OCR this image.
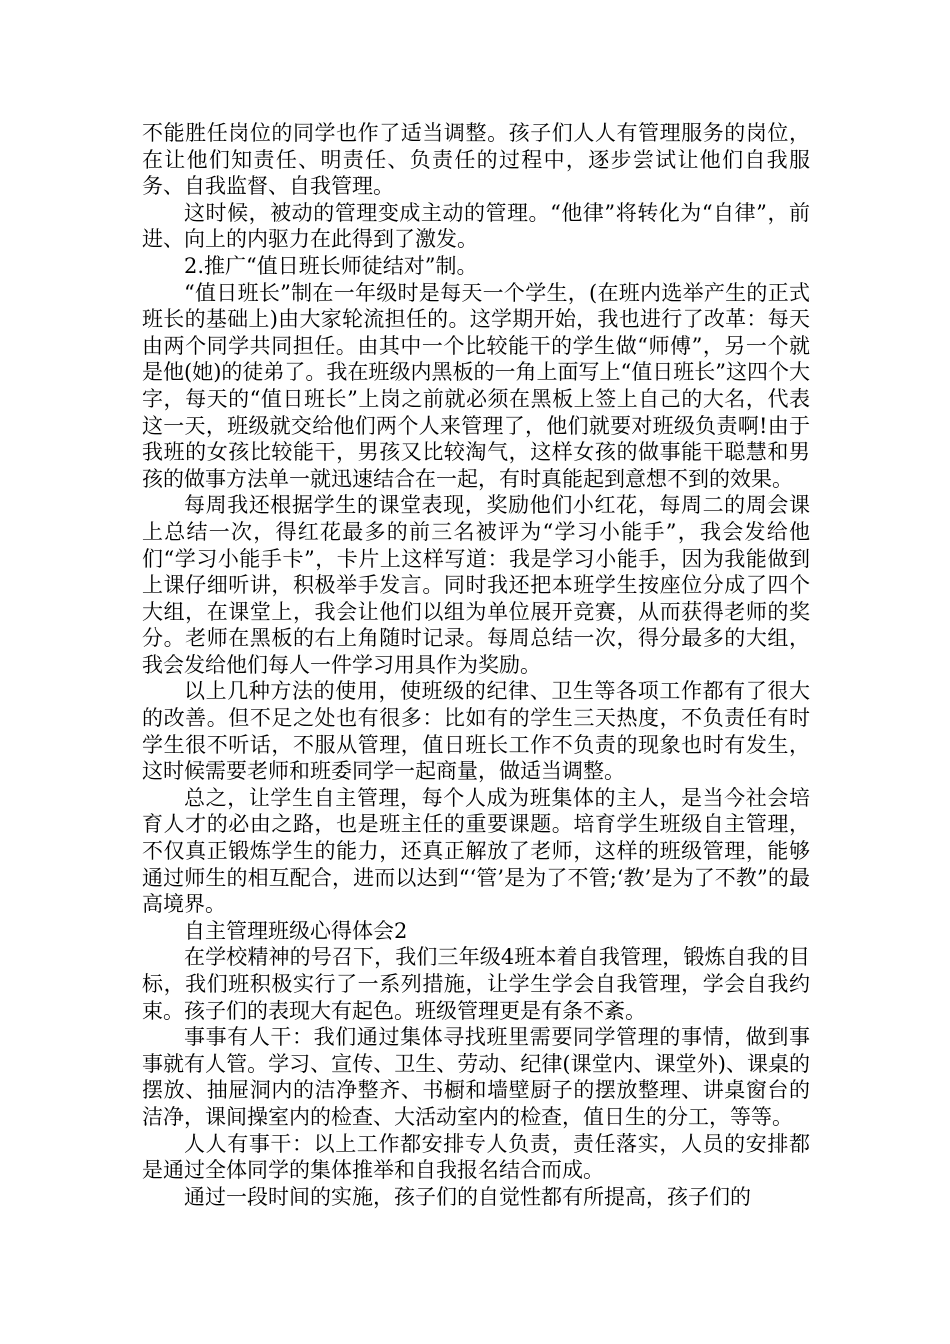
不能胜任岗位的同学也作了适当调整。孩子们人人有管理服务的岗位，在让他们知责任、明责任、负责任的过程中，逐步尝试让他们自我服务、自我监督、自我管理。

这时候，被动的管理变成主动的管理。“他律”将转化为“自律”，前进、向上的内驱力在此得到了激发。

2.推广“值日班长师徒结对”制。

“值日班长”制在一年级时是每天一个学生，(在班内选举产生的正式班长的基础上)由大家轮流担任的。这学期开始，我也进行了改革：每天由两个同学共同担任。由其中一个比较能干的学生做“师傅”，另一个就是他(她)的徒弟了。我在班级内黑板的一角上面写上“值日班长”这四个大字，每天的“值日班长”上岗之前就必须在黑板上签上自己的大名，代表这一天，班级就交给他们两个人来管理了，他们就要对班级负责啊!由于我班的女孩比较能干，男孩又比较淘气，这样女孩的做事能干聪慧和男孩的做事方法单一就迅速结合在一起，有时真能起到意想不到的效果。

每周我还根据学生的课堂表现，奖励他们小红花，每周二的周会课上总结一次，得红花最多的前三名被评为“学习小能手”，我会发给他们“学习小能手卡”，卡片上这样写道：我是学习小能手，因为我能做到上课仔细听讲，积极举手发言。同时我还把本班学生按座位分成了四个大组，在课堂上，我会让他们以组为单位展开竞赛，从而获得老师的奖分。老师在黑板的右上角随时记录。每周总结一次，得分最多的大组，我会发给他们每人一件学习用具作为奖励。

以上几种方法的使用，使班级的纪律、卫生等各项工作都有了很大的改善。但不足之处也有很多：比如有的学生三天热度，不负责任有时学生很不听话，不服从管理，值日班长工作不负责的现象也时有发生，这时候需要老师和班委同学一起商量，做适当调整。

总之，让学生自主管理，每个人成为班集体的主人，是当今社会培育人才的必由之路，也是班主任的重要课题。培育学生班级自主管理，不仅真正锻炼学生的能力，还真正解放了老师，这样的班级管理，能够通过师生的相互配合，进而以达到“‘管’是为了不管;‘教’是为了不教”的最高境界。

自主管理班级心得体会2

在学校精神的号召下，我们三年级4班本着自我管理，锻炼自我的目标，我们班积极实行了一系列措施，让学生学会自我管理，学会自我约束。孩子们的表现大有起色。班级管理更是有条不紊。

事事有人干：我们通过集体寻找班里需要同学管理的事情，做到事事就有人管。学习、宣传、卫生、劳动、纪律(课堂内、课堂外)、课桌的摆放、抽屉洞内的洁净整齐、书橱和墙壁厨子的摆放整理、讲桌窗台的洁净，课间操室内的检查、大活动室内的检查，值日生的分工，等等。

人人有事干：以上工作都安排专人负责，责任落实，人员的安排都是通过全体同学的集体推举和自我报名结合而成。

通过一段时间的实施，孩子们的自觉性都有所提高，孩子们的
